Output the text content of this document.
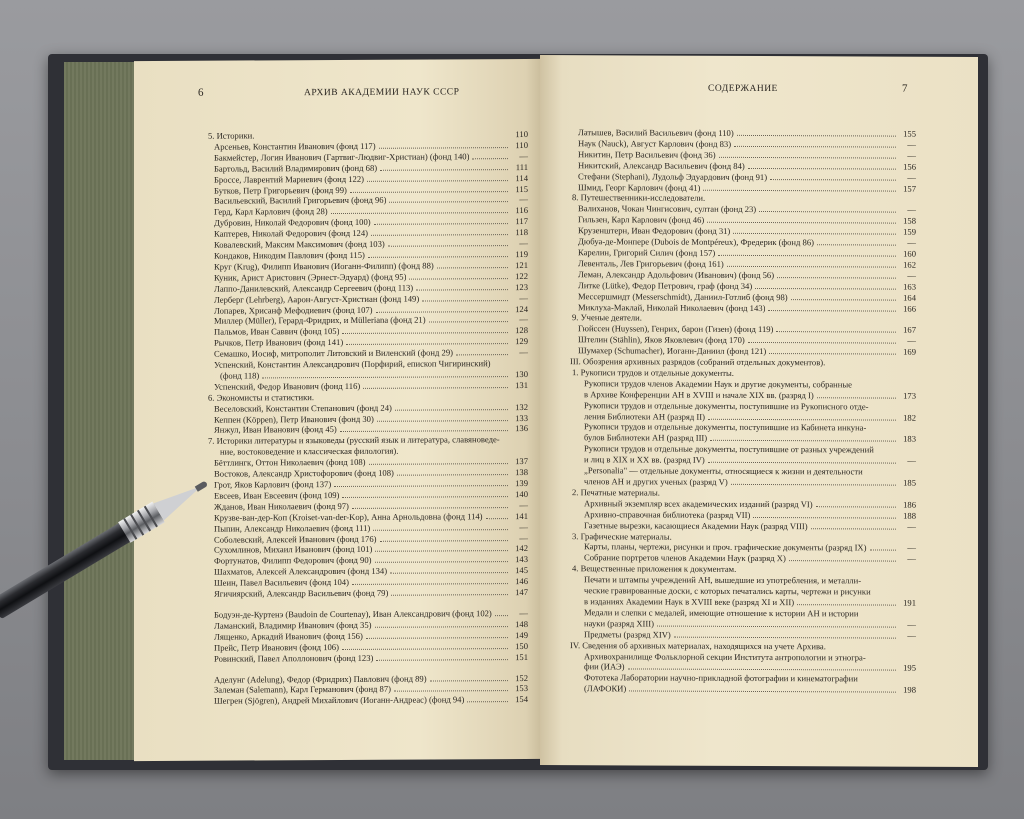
6	АРХИВ АКАДЕМИИ НАУК СССР
5. Историки.	110
Арсеньев, Константин Иванович (фонд 117)	110
Бакмейстер, Логин Иванович (Гартвиг-Людвиг-Христиан) (фонд 140)	—
Бартольд, Василий Владимирович (фонд 68)	111
Броссе, Лаврентий Мариевич (фонд 122)	114
Бутков, Петр Григорьевич (фонд 99)	115
Васильевский, Василий Григорьевич (фонд 96)	—
Герд, Карл Карлович (фонд 28)	116
Дубровин, Николай Федорович (фонд 100)	117
Каптерев, Николай Федорович (фонд 124)	118
Ковалевский, Максим Максимович (фонд 103)	—
Кондаков, Никодим Павлович (фонд 115)	119
Круг (Krug), Филипп Иванович (Иоганн-Филипп) (фонд 88)	121
Куник, Арист Аристович (Эрнест-Эдуард) (фонд 95)	122
Лаппо-Данилевский, Александр Сергеевич (фонд 113)	123
Лерберг (Lehrberg), Аарон-Август-Христиан (фонд 149)	—
Лопарев, Хрисанф Мефодиевич (фонд 107)	124
Миллер (Müller), Герард-Фридрих, и Mülleriana (фонд 21)	—
Пальмов, Иван Саввич (фонд 105)	128
Рычков, Петр Иванович (фонд 141)	129
Семашко, Иосиф, митрополит Литовский и Виленский (фонд 29)	—
Успенский, Константин Александрович (Порфирий, епископ Чигиринский)
(фонд 118)	130
Успенский, Федор Иванович (фонд 116)	131
6. Экономисты и статистики.
Веселовский, Константин Степанович (фонд 24)	132
Кеппен (Köppen), Петр Иванович (фонд 30)	133
Янжул, Иван Иванович (фонд 45)	136
7. Историки литературы и языковеды (русский язык и литература, славяноведе-
ние, востоковедение и классическая филология).
Бёттлингк, Оттон Николаевич (фонд 108)	137
Востоков, Александр Христофорович (фонд 108)	138
Грот, Яков Карлович (фонд 137)	139
Евсеев, Иван Евсеевич (фонд 109)	140
Жданов, Иван Николаевич (фонд 97)	—
Крузве-ван-дер-Коп (Kroiset-van-der-Kop), Анна Арнольдовна (фонд 114)	141
Пыпин, Александр Николаевич (фонд 111)	—
Соболевский, Алексей Иванович (фонд 176)	—
Сухомлинов, Михаил Иванович (фонд 101)	142
Фортунатов, Филипп Федорович (фонд 90)	143
Шахматов, Алексей Александрович (фонд 134)	145
Шеин, Павел Васильевич (фонд 104)	146
Ягичиярский, Александр Васильевич (фонд 79)	147
Бодуэн-де-Куртенэ (Baudoin de Courtenay), Иван Александрович (фонд 102)	—
Ламанский, Владимир Иванович (фонд 35)	148
Лященко, Аркадий Иванович (фонд 156)	149
Прейс, Петр Иванович (фонд 106)	150
Ровинский, Павел Аполлонович (фонд 123)	151
Аделунг (Adelung), Федор (Фридрих) Павлович (фонд 89)	152
Залеман (Salemann), Карл Германович (фонд 87)	153
Шегрен (Sjögren), Андрей Михайлович (Иоганн-Андреас) (фонд 94)	154
СОДЕРЖАНИЕ	7
Латышев, Василий Васильевич (фонд 110)	155
Наук (Nauck), Август Карлович (фонд 83)	—
Никитин, Петр Васильевич (фонд 36)	—
Никитский, Александр Васильевич (фонд 84)	156
Стефани (Stephani), Лудольф Эдуардович (фонд 91)	—
Шмид, Георг Карлович (фонд 41)	157
8. Путешественники-исследователи.
Валиханов, Чокан Чингисович, султан (фонд 23)	—
Гильзен, Карл Карлович (фонд 46)	158
Крузенштерн, Иван Федорович (фонд 31)	159
Дюбуа-де-Монпере (Dubois de Montpéreux), Фредерик (фонд 86)	—
Карелин, Григорий Силич (фонд 157)	160
Левенталь, Лев Григорьевич (фонд 161)	162
Леман, Александр Адольфович (Иванович) (фонд 56)	—
Литке (Lütke), Федор Петрович, граф (фонд 34)	163
Мессершмидт (Messerschmidt), Даниил-Готлиб (фонд 98)	164
Миклуха-Маклай, Николай Николаевич (фонд 143)	166
9. Ученые деятели.
Гюйссен (Huyssen), Генрих, барон (Гизен) (фонд 119)	167
Штелин (Stählin), Яков Яковлевич (фонд 170)	—
Шумахер (Schumacher), Иоганн-Даниил (фонд 121)	169
III. Обозрения архивных разрядов (собраний отдельных документов).
1. Рукописи трудов и отдельные документы.
Рукописи трудов членов Академии Наук и другие документы, собранные
в Архиве Конференции АН в XVIII и начале XIX вв. (разряд I)	173
Рукописи трудов и отдельные документы, поступившие из Рукописного отде-
ления Библиотеки АН (разряд II)	182
Рукописи трудов и отдельные документы, поступившие из Кабинета инкуна-
булов Библиотеки АН (разряд III)	183
Рукописи трудов и отдельные документы, поступившие от разных учреждений
и лиц в XIX и XX вв. (разряд IV)	—
„Personalia" — отдельные документы, относящиеся к жизни и деятельности
членов АН и других ученых (разряд V)	185
2. Печатные материалы.
Архивный экземпляр всех академических изданий (разряд VI)	186
Архивно-справочная библиотека (разряд VII)	188
Газетные вырезки, касающиеся Академии Наук (разряд VIII)	—
3. Графические материалы.
Карты, планы, чертежи, рисунки и проч. графические документы (разряд IX)	—
Собрание портретов членов Академии Наук (разряд X)	—
4. Вещественные приложения к документам.
Печати и штампы учреждений АН, вышедшие из употребления, и металли-
ческие гравированные доски, с которых печатались карты, чертежи и рисунки
в изданиях Академии Наук в XVIII веке (разряд XI и XII)	191
Медали и слепки с медалей, имеющие отношение к истории АН и истории
науки (разряд XIII)	—
Предметы (разряд XIV)	—
IV. Сведения об архивных материалах, находящихся на учете Архива.
Архивохранилище Фольклорной секции Института антропологии и этногра-
фии (ИАЭ)	195
Фототека Лаборатории научно-прикладной фотографии и кинематографии
(ЛАФОКИ)	198
